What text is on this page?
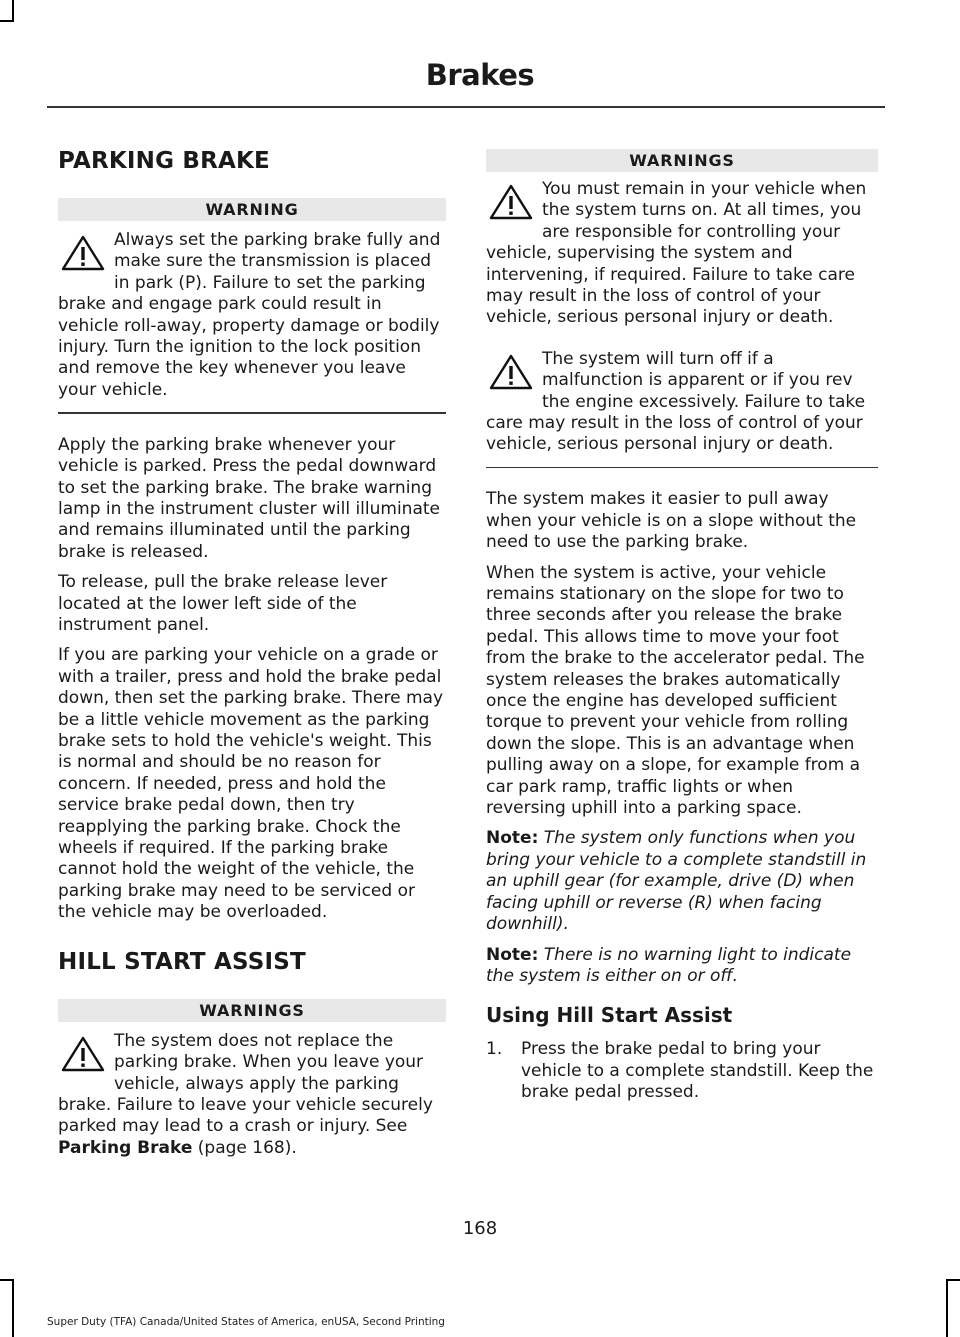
Brakes
PARKING BRAKE
WARNING

Always set the parking brake fully and make sure the transmission is placed in park (P). Failure to set the parking brake and engage park could result in vehicle roll-away, property damage or bodily injury. Turn the ignition to the lock position and remove the key whenever you leave your vehicle.

Apply the parking brake whenever your vehicle is parked. Press the pedal downward to set the parking brake. The brake warning lamp in the instrument cluster will illuminate and remains illuminated until the parking brake is released.

To release, pull the brake release lever located at the lower left side of the instrument panel.

If you are parking your vehicle on a grade or with a trailer, press and hold the brake pedal down, then set the parking brake. There may be a little vehicle movement as the parking brake sets to hold the vehicle's weight. This is normal and should be no reason for concern. If needed, press and hold the service brake pedal down, then try reapplying the parking brake. Chock the wheels if required. If the parking brake cannot hold the weight of the vehicle, the parking brake may need to be serviced or the vehicle may be overloaded.

HILL START ASSIST
WARNINGS

The system does not replace the parking brake. When you leave your vehicle, always apply the parking brake. Failure to leave your vehicle securely parked may lead to a crash or injury. See Parking Brake (page 168).

WARNINGS

You must remain in your vehicle when the system turns on. At all times, you are responsible for controlling your vehicle, supervising the system and intervening, if required. Failure to take care may result in the loss of control of your vehicle, serious personal injury or death.

The system will turn off if a malfunction is apparent or if you rev the engine excessively. Failure to take care may result in the loss of control of your vehicle, serious personal injury or death.

The system makes it easier to pull away when your vehicle is on a slope without the need to use the parking brake.

When the system is active, your vehicle remains stationary on the slope for two to three seconds after you release the brake pedal. This allows time to move your foot from the brake to the accelerator pedal. The system releases the brakes automatically once the engine has developed sufficient torque to prevent your vehicle from rolling down the slope. This is an advantage when pulling away on a slope, for example from a car park ramp, traffic lights or when reversing uphill into a parking space.

Note: The system only functions when you bring your vehicle to a complete standstill in an uphill gear (for example, drive (D) when facing uphill or reverse (R) when facing downhill).

Note: There is no warning light to indicate the system is either on or off.

Using Hill Start Assist
1. Press the brake pedal to bring your vehicle to a complete standstill. Keep the brake pedal pressed.
168
Super Duty (TFA) Canada/United States of America, enUSA, Second Printing
